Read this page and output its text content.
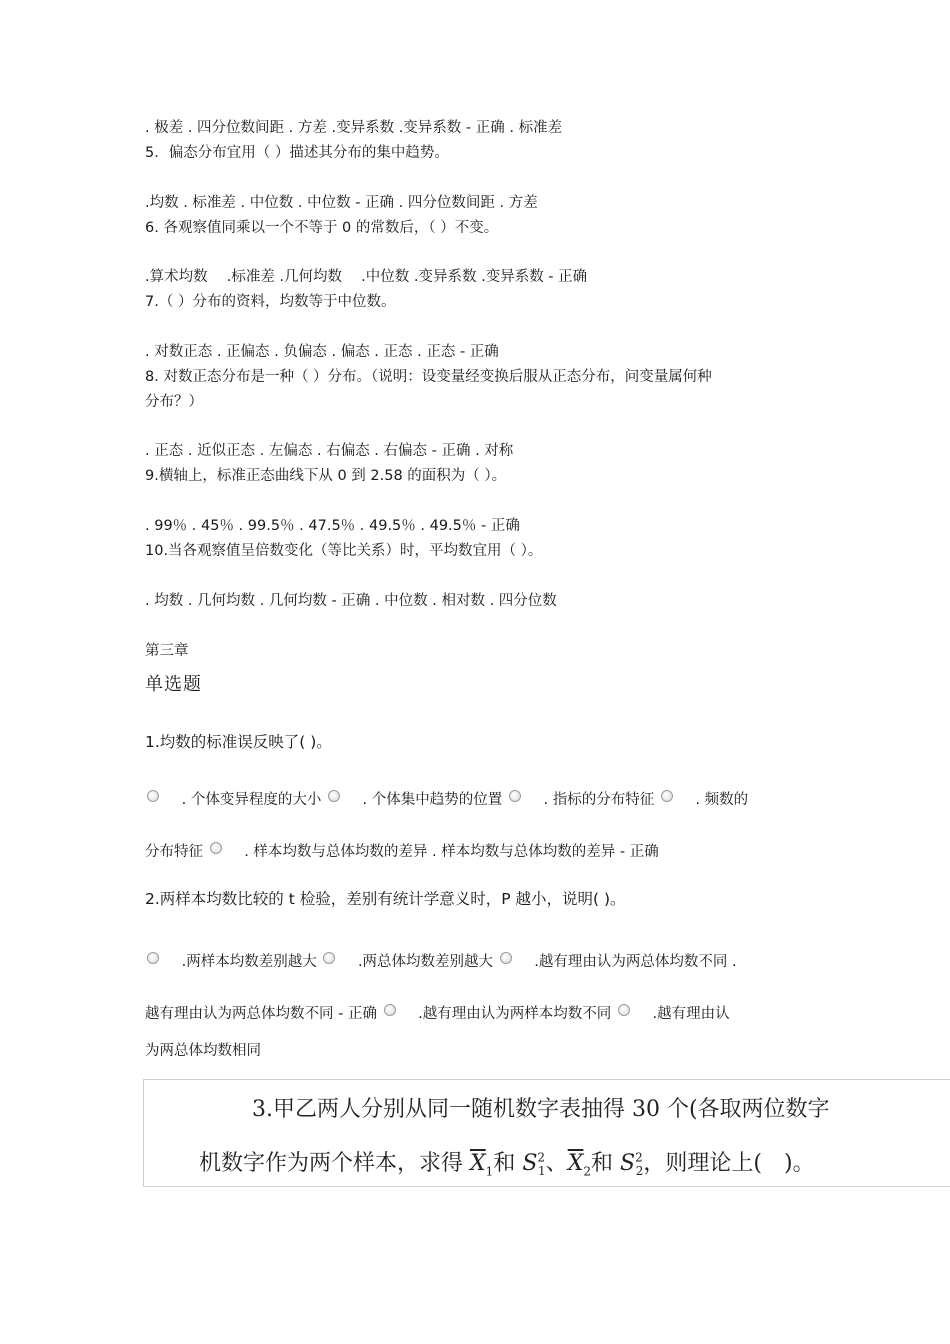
. 极差 . 四分位数间距 . 方差 .变异系数 .变异系数 - 正确 . 标准差
5．偏态分布宜用（ ）描述其分布的集中趋势。
.均数 . 标准差 . 中位数 . 中位数 - 正确 . 四分位数间距 . 方差
6. 各观察值同乘以一个不等于 0 的常数后，（ ）不变。
.算术均数　 .标准差 .几何均数　 .中位数 .变异系数 .变异系数 - 正确
7.（ ）分布的资料，均数等于中位数。
. 对数正态 . 正偏态 . 负偏态 . 偏态 . 正态 . 正态 - 正确
8. 对数正态分布是一种（ ）分布。（说明：设变量经变换后服从正态分布，问变量属何种
分布？）
. 正态 . 近似正态 . 左偏态 . 右偏态 . 右偏态 - 正确 . 对称
9.横轴上，标准正态曲线下从 0 到 2.58 的面积为（ ）。
. 99％ . 45％ . 99.5％ . 47.5％ . 49.5％ . 49.5％ - 正确
10.当各观察值呈倍数变化（等比关系）时，平均数宜用（ ）。
. 均数 . 几何均数 . 几何均数 - 正确 . 中位数 . 相对数 . 四分位数
第三章
单选题
1.均数的标准误反映了( )。
. 个体变异程度的大小	. 个体集中趋势的位置	. 指标的分布特征	. 频数的
分布特征	. 样本均数与总体均数的差异 . 样本均数与总体均数的差异 - 正确
2.两样本均数比较的 t 检验，差别有统计学意义时，P 越小，说明( )。
.两样本均数差别越大	.两总体均数差别越大	.越有理由认为两总体均数不同 .
越有理由认为两总体均数不同 - 正确	.越有理由认为两样本均数不同	.越有理由认
为两总体均数相同
3.甲乙两人分别从同一随机数字表抽得 30 个(各取两位数字
机数字作为两个样本，求得 $\overline{X}_1$和 $S^2_1$、$\overline{X}_2$和 $S^2_2$，则理论上(　)。
